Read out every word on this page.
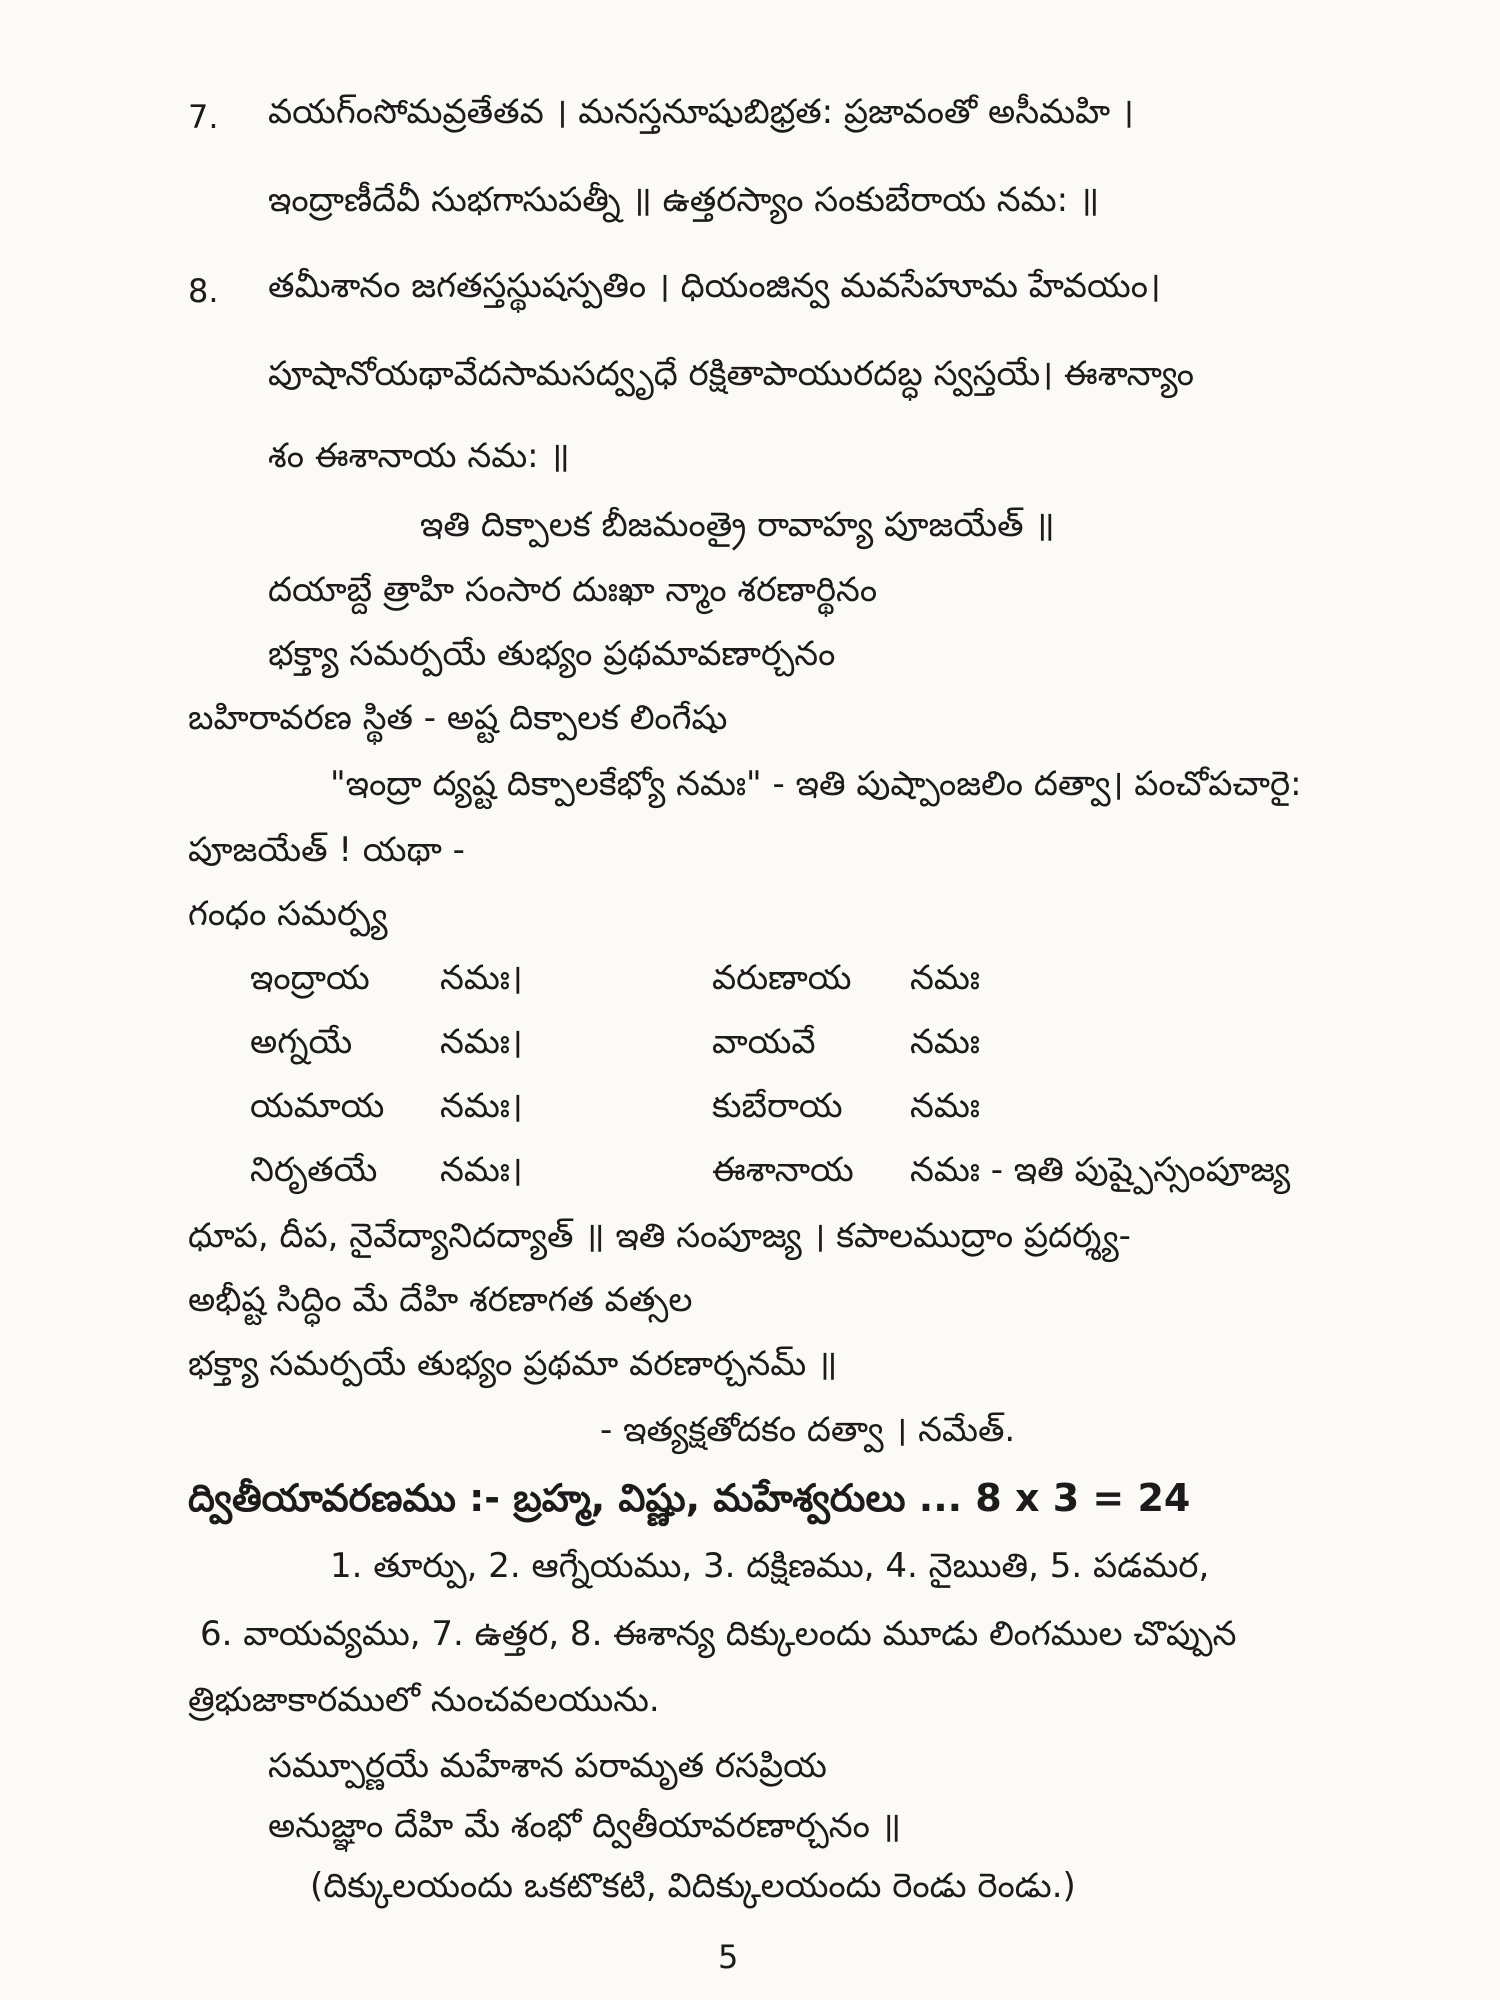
7. వయగ్ంసోమవ్రతేతవ । మనస్తనూషుబిభ్రత: ప్రజావంతో అసీమహి ।
ఇంద్రాణీదేవీ సుభగాసుపత్నీ ॥ ఉత్తరస్యాం సంకుబేరాయ నమ: ॥
8. తమీశానం జగతస్తస్థుషస్పతిం । ధియంజిన్వ మవసేహూమ హేవయం।
పూషానోయథావేదసామసద్వృధే రక్షితాపాయురదబ్ధ స్వస్తయే। ఈశాన్యాం
శం ఈశానాయ నమ: ॥
ఇతి దిక్పాలక బీజమంత్రై రావాహ్య పూజయేత్ ॥
దయాబ్దే త్రాహి సంసార దుఃఖా న్మాం శరణార్థినం
భక్త్యా సమర్పయే తుభ్యం ప్రథమావణార్చనం
బహిరావరణ స్థిత - అష్ట దిక్పాలక లింగేషు
"ఇంద్రా ద్యష్ట దిక్పాలకేభ్యో నమః" - ఇతి పుష్పాంజలిం దత్వా। పంచోపచారై:
పూజయేత్ ! యథా -
గంధం సమర్ప్య
ఇంద్రాయ నమః।	వరుణాయ నమః
అగ్నయే	నమః।	వాయవే	నమః
యమాయ నమః।	కుబేరాయ నమః
నిరృతయే నమః।	ఈశానాయ నమః - ఇతి పుష్పైస్సంపూజ్య
ధూప, దీప, నైవేద్యానిదద్యాత్ ॥ ఇతి సంపూజ్య । కపాలముద్రాం ప్రదర్శ్య-
అభీష్ట సిద్ధిం మే దేహి శరణాగత వత్సల
భక్త్యా సమర్పయే తుభ్యం ప్రథమా వరణార్చనమ్ ॥
- ఇత్యక్షతోదకం దత్వా । నమేత్.
ద్వితీయావరణము :- బ్రహ్మ, విష్ణు, మహేశ్వరులు ... 8 x 3 = 24
1. తూర్పు, 2. ఆగ్నేయము, 3. దక్షిణము, 4. నైఋతి, 5. పడమర,
6. వాయవ్యము, 7. ఉత్తర, 8. ఈశాన్య దిక్కులందు మూడు లింగముల చొప్పున
త్రిభుజాకారములో నుంచవలయును.
సమ్పూర్ణయే మహేశాన పరామృత రసప్రియ
అనుజ్ఞాం దేహి మే శంభో ద్వితీయావరణార్చనం ॥
(దిక్కులయందు ఒకటొకటి, విదిక్కులయందు రెండు రెండు.)
5
